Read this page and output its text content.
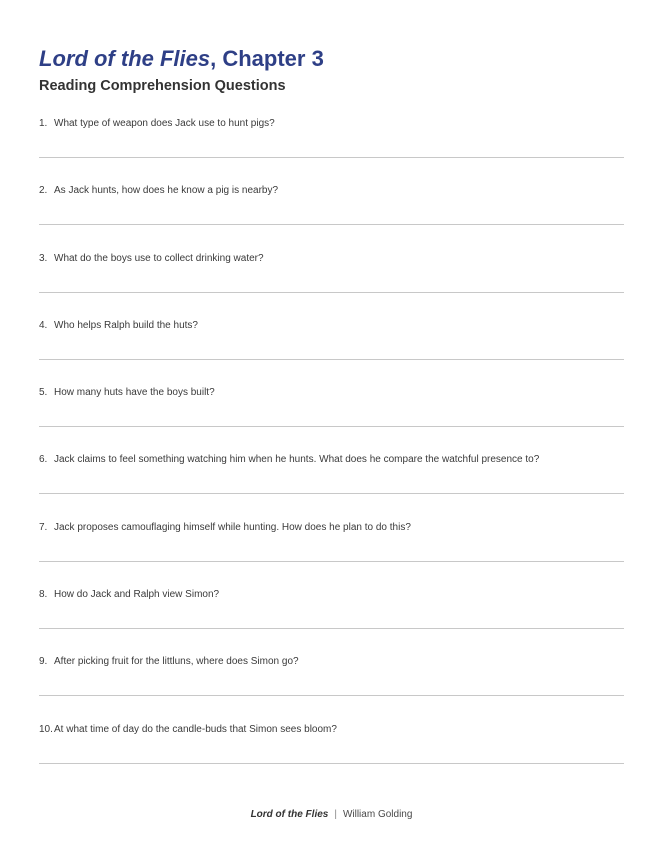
Lord of the Flies, Chapter 3
Reading Comprehension Questions
1. What type of weapon does Jack use to hunt pigs?
2. As Jack hunts, how does he know a pig is nearby?
3. What do the boys use to collect drinking water?
4. Who helps Ralph build the huts?
5. How many huts have the boys built?
6. Jack claims to feel something watching him when he hunts. What does he compare the watchful presence to?
7. Jack proposes camouflaging himself while hunting. How does he plan to do this?
8. How do Jack and Ralph view Simon?
9. After picking fruit for the littluns, where does Simon go?
10.At what time of day do the candle-buds that Simon sees bloom?
Lord of the Flies | William Golding
